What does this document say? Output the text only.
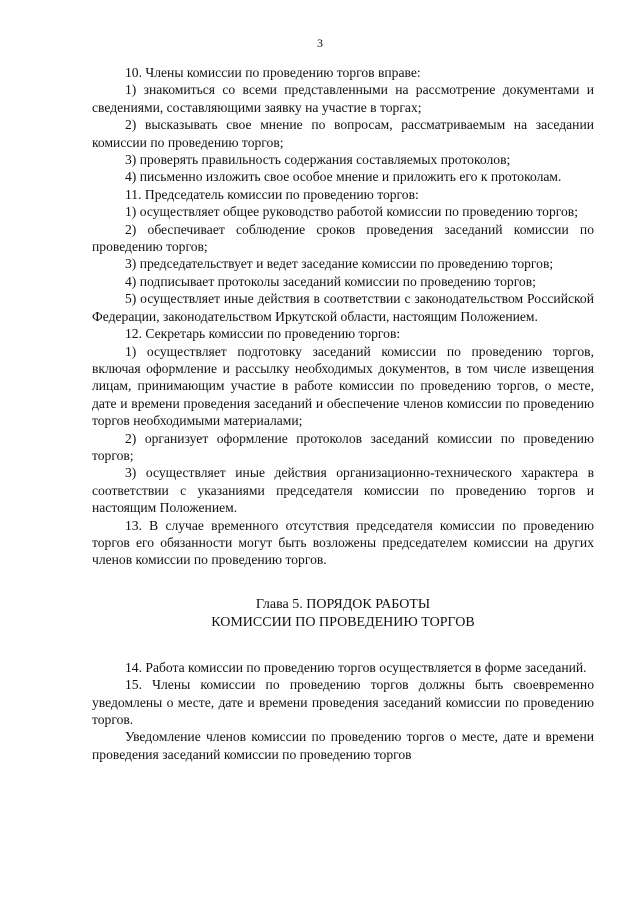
3

10. Члены комиссии по проведению торгов вправе:

1) знакомиться со всеми представленными на рассмотрение документами и сведениями, составляющими заявку на участие в торгах;

2) высказывать свое мнение по вопросам, рассматриваемым на заседании комиссии по проведению торгов;

3) проверять правильность содержания составляемых протоколов;

4) письменно изложить свое особое мнение и приложить его к протоколам.

11. Председатель комиссии по проведению торгов:

1) осуществляет общее руководство работой комиссии по проведению торгов;

2) обеспечивает соблюдение сроков проведения заседаний комиссии по проведению торгов;

3) председательствует и ведет заседание комиссии по проведению торгов;

4) подписывает протоколы заседаний комиссии по проведению торгов;

5) осуществляет иные действия в соответствии с законодательством Российской Федерации, законодательством Иркутской области, настоящим Положением.

12. Секретарь комиссии по проведению торгов:

1) осуществляет подготовку заседаний комиссии по проведению торгов, включая оформление и рассылку необходимых документов, в том числе извещения лицам, принимающим участие в работе комиссии по проведению торгов, о месте, дате и времени проведения заседаний и обеспечение членов комиссии по проведению торгов необходимыми материалами;

2) организует оформление протоколов заседаний комиссии по проведению торгов;

3) осуществляет иные действия организационно-технического характера в соответствии с указаниями председателя комиссии по проведению торгов и настоящим Положением.

13. В случае временного отсутствия председателя комиссии по проведению торгов его обязанности могут быть возложены председателем комиссии на других членов комиссии по проведению торгов.

Глава 5. ПОРЯДОК РАБОТЫ
КОМИССИИ ПО ПРОВЕДЕНИЮ ТОРГОВ

14. Работа комиссии по проведению торгов осуществляется в форме заседаний.

15. Члены комиссии по проведению торгов должны быть своевременно уведомлены о месте, дате и времени проведения заседаний комиссии по проведению торгов.

Уведомление членов комиссии по проведению торгов о месте, дате и времени проведения заседаний комиссии по проведению торгов
